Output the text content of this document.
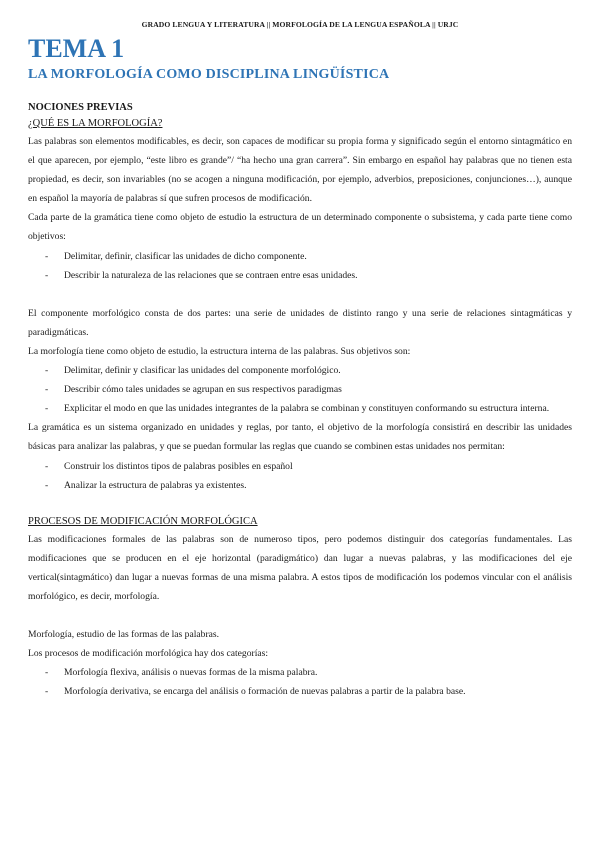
GRADO LENGUA Y LITERATURA || MORFOLOGÍA DE LA LENGUA ESPAÑOLA || URJC
TEMA 1
LA MORFOLOGÍA COMO DISCIPLINA LINGÜÍSTICA
NOCIONES PREVIAS
¿QUÉ ES LA MORFOLOGÍA?

Las palabras son elementos modificables, es decir, son capaces de modificar su propia forma y significado según el entorno sintagmático en el que aparecen, por ejemplo, “este libro es grande”/ “ha hecho una gran carrera”. Sin embargo en español hay palabras que no tienen esta propiedad, es decir, son invariables (no se acogen a ninguna modificación, por ejemplo, adverbios, preposiciones, conjunciones…), aunque en español la mayoría de palabras sí que sufren procesos de modificación.

Cada parte de la gramática tiene como objeto de estudio la estructura de un determinado componente o subsistema, y cada parte tiene como objetivos:

- Delimitar, definir, clasificar las unidades de dicho componente.
- Describir la naturaleza de las relaciones que se contraen entre esas unidades.

El componente morfológico consta de dos partes: una serie de unidades de distinto rango y una serie de relaciones sintagmáticas y paradigmáticas.

La morfología tiene como objeto de estudio, la estructura interna de las palabras. Sus objetivos son:

- Delimitar, definir y clasificar las unidades del componente morfológico.
- Describir cómo tales unidades se agrupan en sus respectivos paradigmas
- Explicitar el modo en que las unidades integrantes de la palabra se combinan y constituyen conformando su estructura interna.

La gramática es un sistema organizado en unidades y reglas, por tanto, el objetivo de la morfología consistirá en describir las unidades básicas para analizar las palabras, y que se puedan formular las reglas que cuando se combinen estas unidades nos permitan:

- Construir los distintos tipos de palabras posibles en español
- Analizar la estructura de palabras ya existentes.
PROCESOS DE MODIFICACIÓN MORFOLÓGICA

Las modificaciones formales de las palabras son de numeroso tipos, pero podemos distinguir dos categorías fundamentales. Las modificaciones que se producen en el eje horizontal (paradigmático) dan lugar a nuevas palabras, y las modificaciones del eje vertical(sintagmático) dan lugar a nuevas formas de una misma palabra. A estos tipos de modificación los podemos vincular con el análisis morfológico, es decir, morfología.

Morfología, estudio de las formas de las palabras.

Los procesos de modificación morfológica hay dos categorías:

- Morfología flexiva, análisis o nuevas formas de la misma palabra.
- Morfología derivativa, se encarga del análisis o formación de nuevas palabras a partir de la palabra base.
